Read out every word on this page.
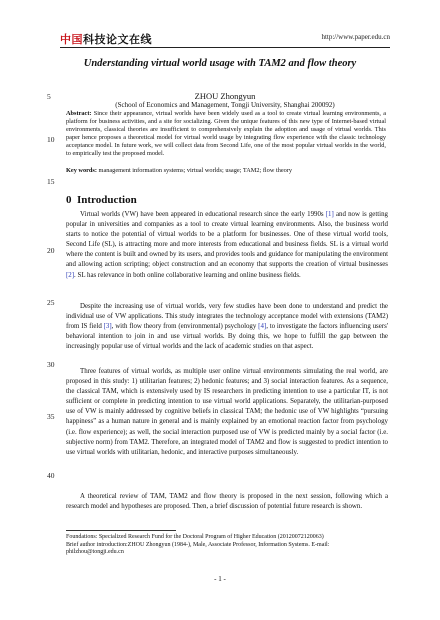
中国科技论文在线	http://www.paper.edu.cn
5
10
15
20
25
30
35
40
Understanding virtual world usage with TAM2 and flow theory
ZHOU Zhongyun
(School of Economics and Management, Tongji University, Shanghai 200092)

Abstract: Since their appearance, virtual worlds have been widely used as a tool to create virtual learning environments, a platform for business activities, and a site for socializing. Given the unique features of this new type of Internet-based virtual environments, classical theories are insufficient to comprehensively explain the adoption and usage of virtual worlds. This paper hence proposes a theoretical model for virtual world usage by integrating flow experience with the classic technology acceptance model. In future work, we will collect data from Second Life, one of the most popular virtual worlds in the world, to empirically test the proposed model.

Key words: management information systems; virtual worlds; usage; TAM2; flow theory

0 Introduction

Virtual worlds (VW) have been appeared in educational research since the early 1990s [1] and now is getting popular in universities and companies as a tool to create virtual learning environments. Also, the business world starts to notice the potential of virtual worlds to be a platform for businesses. One of these virtual world tools, Second Life (SL), is attracting more and more interests from educational and business fields. SL is a virtual world where the content is built and owned by its users, and provides tools and guidance for manipulating the environment and allowing action scripting; object construction and an economy that supports the creation of virtual businesses [2]. SL has relevance in both online collaborative learning and online business fields.

Despite the increasing use of virtual worlds, very few studies have been done to understand and predict the individual use of VW applications. This study integrates the technology acceptance model with extensions (TAM2) from IS field [3], with flow theory from (environmental) psychology [4], to investigate the factors influencing users' behavioral intention to join in and use virtual worlds. By doing this, we hope to fulfill the gap between the increasingly popular use of virtual worlds and the lack of academic studies on that aspect.

Three features of virtual worlds, as multiple user online virtual environments simulating the real world, are proposed in this study: 1) utilitarian features; 2) hedonic features; and 3) social interaction features. As a sequence, the classical TAM, which is extensively used by IS researchers in predicting intention to use a particular IT, is not sufficient or complete in predicting intention to use virtual world applications. Separately, the utilitarian-purposed use of VW is mainly addressed by cognitive beliefs in classical TAM; the hedonic use of VW highlights “pursuing happiness” as a human nature in general and is mainly explained by an emotional reaction factor from psychology (i.e. flow experience); as well, the social interaction purposed use of VW is predicted mainly by a social factor (i.e. subjective norm) from TAM2. Therefore, an integrated model of TAM2 and flow is suggested to predict intention to use virtual worlds with utilitarian, hedonic, and interactive purposes simultaneously.

A theoretical review of TAM, TAM2 and flow theory is proposed in the next session, following which a research model and hypotheses are proposed. Then, a brief discussion of potential future research is shown.

Foundations: Specialized Research Fund for the Doctoral Program of Higher Education (20120072120063)
Brief author introduction:ZHOU Zhongyun (1984-), Male, Associate Professor, Information Systems. E-mail: philzhou@tongji.edu.cn

- 1 -
